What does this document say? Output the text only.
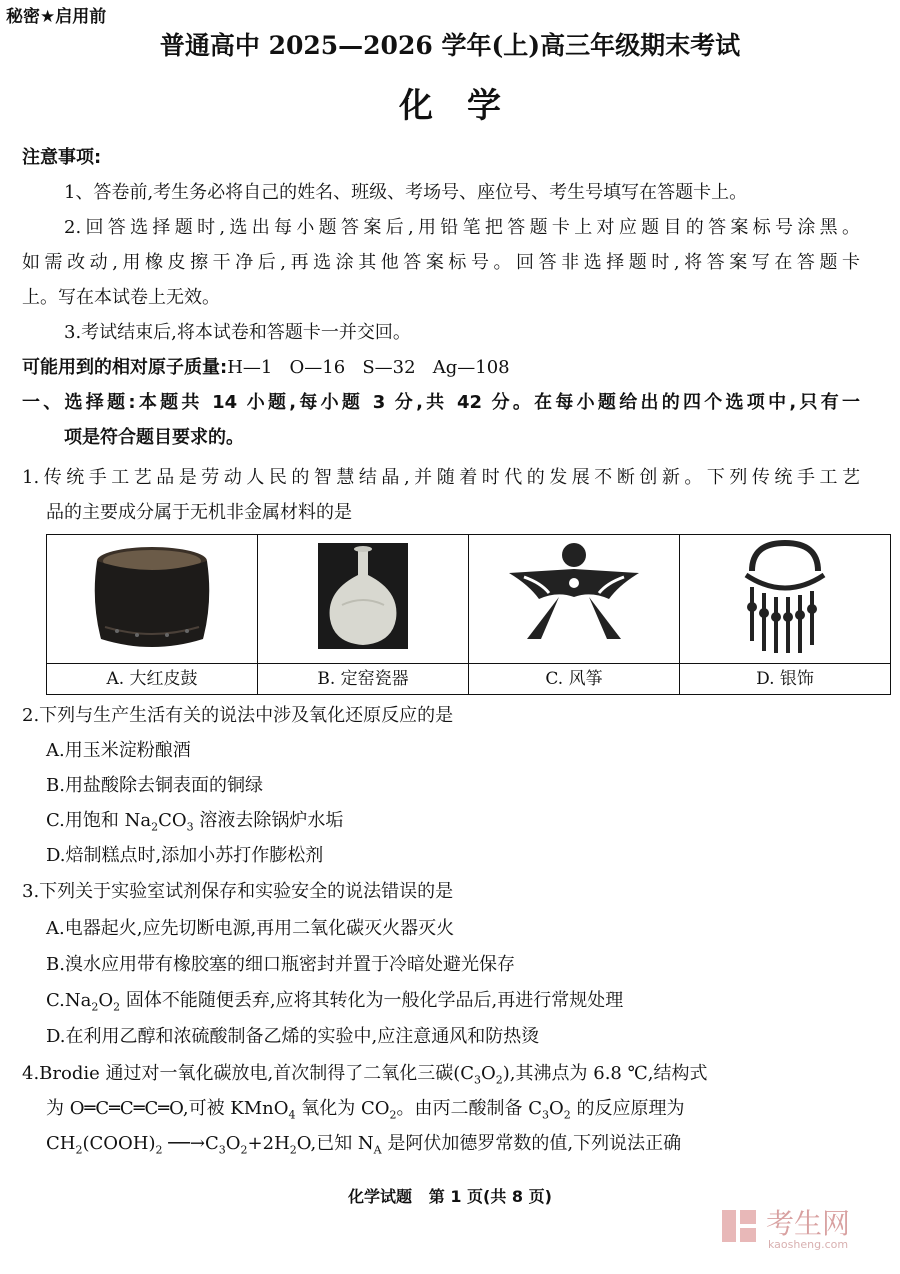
秘密★启用前
普通高中 2025—2026 学年(上)高三年级期末考试
化学
注意事项:
1、答卷前,考生务必将自己的姓名、班级、考场号、座位号、考生号填写在答题卡上。
2.回答选择题时,选出每小题答案后,用铅笔把答题卡上对应题目的答案标号涂黑。
如需改动,用橡皮擦干净后,再选涂其他答案标号。回答非选择题时,将答案写在答题卡
上。写在本试卷上无效。
3.考试结束后,将本试卷和答题卡一并交回。
可能用到的相对原子质量:H—1   O—16   S—32   Ag—108
一、选择题:本题共 14 小题,每小题 3 分,共 42 分。在每小题给出的四个选项中,只有一
项是符合题目要求的。
1.传统手工艺品是劳动人民的智慧结晶,并随着时代的发展不断创新。下列传统手工艺
品的主要成分属于无机非金属材料的是

A. 大红皮鼓	B. 定窑瓷器	C. 风筝	D. 银饰
2.下列与生产生活有关的说法中涉及氧化还原反应的是
A.用玉米淀粉酿酒
B.用盐酸除去铜表面的铜绿
C.用饱和 $Na_2CO_3$ 溶液去除锅炉水垢
D.焙制糕点时,添加小苏打作膨松剂
3.下列关于实验室试剂保存和实验安全的说法错误的是
A.电器起火,应先切断电源,再用二氧化碳灭火器灭火
B.溴水应用带有橡胶塞的细口瓶密封并置于冷暗处避光保存
$C.Na_2O_2$ 固体不能随便丢弃,应将其转化为一般化学品后,再进行常规处理
D.在利用乙醇和浓硫酸制备乙烯的实验中,应注意通风和防热烫
4.Brodie 通过对一氧化碳放电,首次制得了二氧化三碳$(C_3O_2)$,其沸点为 6.8 ℃,结构式
为 O═C═C═C═O,可被 KMnO$_4$ 氧化为 $CO_2$。由丙二酸制备 $C_3O_2$ 的反应原理为
$CH_2(COOH)_2$ $──\to C_3O_2+2H_2O$,已知 $N_A$ 是阿伏加德罗常数的值,下列说法正确
化学试题   第 1 页(共 8 页)
考生网
kaosheng.com
